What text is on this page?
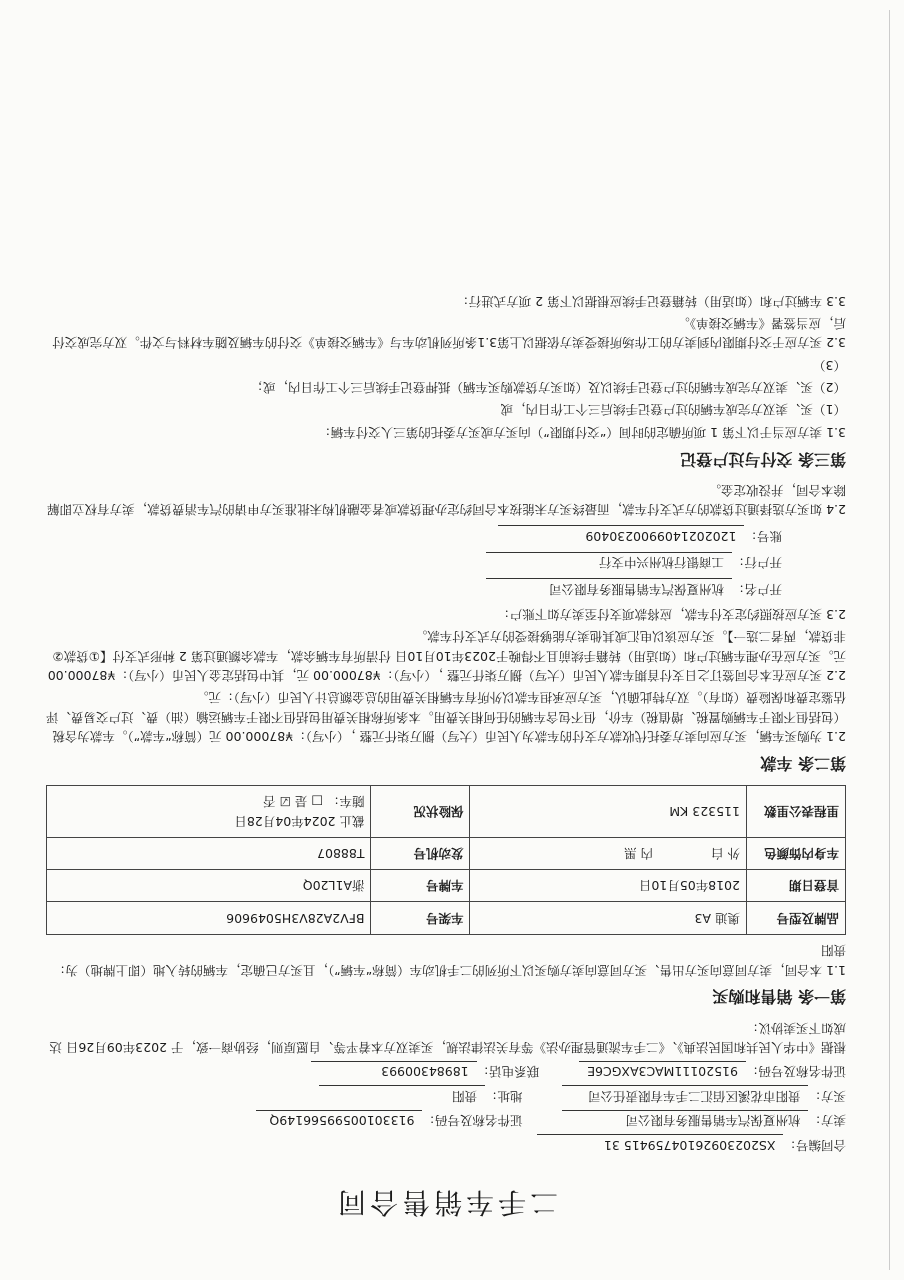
二手车销售合同
合同编号：
XS20230926104759415 31
卖方：
杭州夏保汽车销售服务有限公司
证件名称及号码：
91330100599566149Q
买方：
贵阳市花溪区佰汇二手车有限责任公司
地址：
贵阳
证件名称及号码：
91520111MAC3AXGC6E
联系电话：
18984300993

根据《中华人民共和国民法典》、《二手车流通管理办法》等有关法律法规，买卖双方本着平等、自愿原则，经协商一致，于 2023年09月26日 达成如下买卖协议：

第一条 销售和购买

1.1 本合同，卖方同意向买方出售、买方同意向卖方购买以下所列的二手机动车（简称“车辆”），且买方已确定，车辆的转入地（即上牌地）为：贵阳

品牌及型号	奥迪 A3	车架号	BFV2A28V3H5049606
首登日期	2018年05月10日	车牌号	浙A1L20Q
车身内饰颜色	外 白  内 黑	发动机号	T88807
里程表公里数	115323 KM	保险状况	截止 2024年04月28日
随车： □ 是 ☑ 否
第二条 车款

2.1 为购买车辆，买方应向卖方委托代收款方支付的车款为人民币（大写）捌万柒仟元整 ，（小写）：¥87000.00 元（简称“车款”）。车款为含税（包括但不限于车辆购置税、增值税）车价，但不包含车辆的任何相关费用。本条所称相关费用包括但不限于车辆运输（油）费、过户交易费、评估鉴定费和保险费（如有）。双方特此确认，买方应承担车款以外所有车辆相关费用的总金额总计人民币（小写）：元。

2.2 买方应在本合同签订之日支付首期车款人民币（大写）捌万柒仟元整 ，（小写）：¥87000.00 元，其中包括定金人民币（小写）：¥87000.00 元。买方应在办理车辆过户和（如适用）转籍手续前且不得晚于2023年10月10日 付清所有车辆余款，车款余额通过第 2 种形式支付【①贷款②非贷款，两者二选一】。买方应该以电汇或其他卖方能够接受的方式支付车款。

2.3 买方应按照约定支付车款，应将款项支付至卖方如下账户：

开户名：
杭州夏保汽车销售服务有限公司
开户行：
工商银行杭州兴中支行
账号：
1202021409900230409

2.4 如买方选择通过贷款的方式支付车款，而最终买方未能按本合同约定办理贷款或者金融机构未批准买方申请的汽车消费贷款，卖方有权立即解除本合同，并没收定金。

第三条 交付与过户登记

3.1 卖方应当于以下第 1 项所确定的时间（“交付期限”）向买方或买方委托的第三人交付车辆：

（1）买、卖双方完成车辆的过户登记手续后三个工作日内，或

（2）买、卖双方完成车辆的过户登记手续以及（如买方贷款购买车辆）抵押登记手续后三个工作日内，或；

（3）

3.2 买方应于交付期限内到卖方的工作场所接受卖方依据以上第3.1条所列机动车与《车辆交接单》交付的车辆及随车材料与文件。双方完成交付后，应当签署《车辆交接单》。

3.3 车辆过户和（如适用）转籍登记手续应根据以下第 2 项方式进行：
